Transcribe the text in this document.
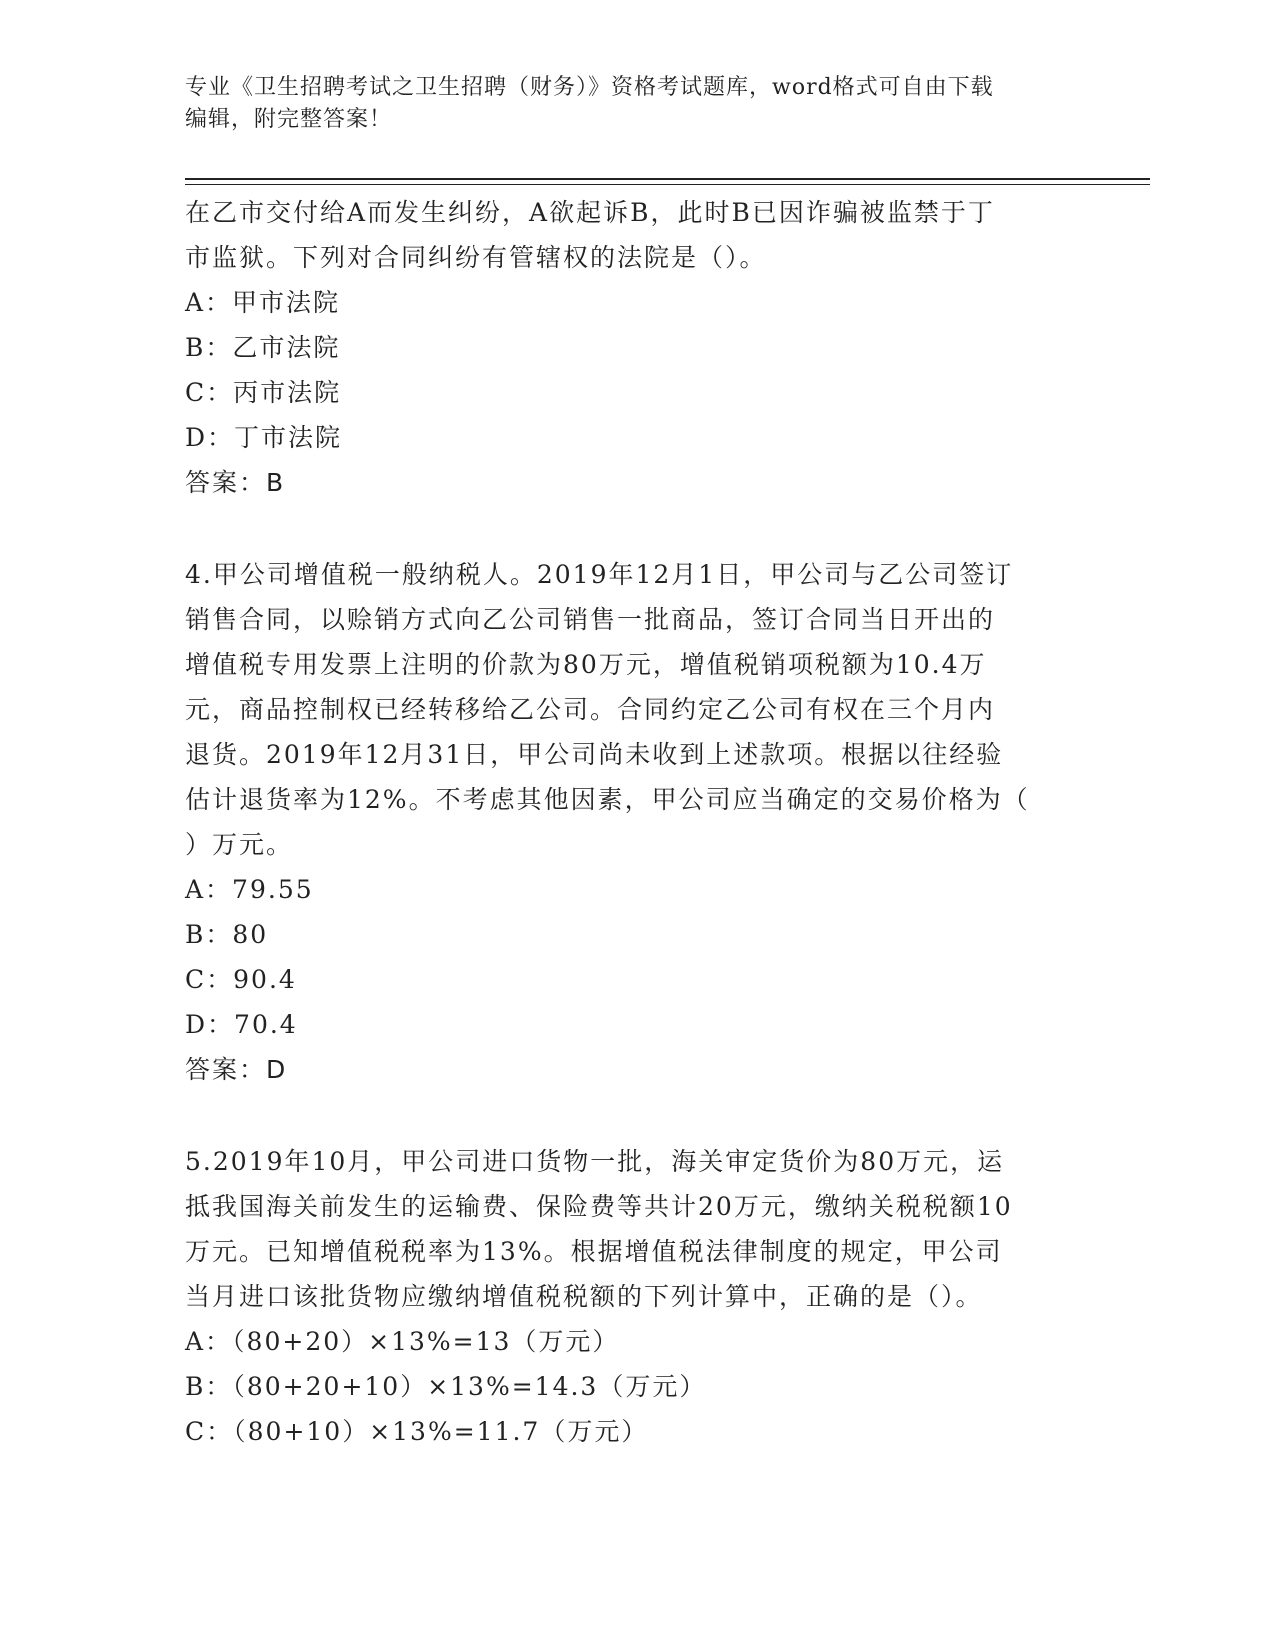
专业《卫生招聘考试之卫生招聘（财务）》资格考试题库，word格式可自由下载
编辑，附完整答案！
在乙市交付给A而发生纠纷，A欲起诉B，此时B已因诈骗被监禁于丁
市监狱。下列对合同纠纷有管辖权的法院是（）。
A：甲市法院
B：乙市法院
C：丙市法院
D：丁市法院
答案：B
4.甲公司增值税一般纳税人。2019年12月1日，甲公司与乙公司签订
销售合同，以赊销方式向乙公司销售一批商品，签订合同当日开出的
增值税专用发票上注明的价款为80万元，增值税销项税额为10.4万
元，商品控制权已经转移给乙公司。合同约定乙公司有权在三个月内
退货。2019年12月31日，甲公司尚未收到上述款项。根据以往经验
估计退货率为12%。不考虑其他因素，甲公司应当确定的交易价格为（
）万元。
A：79.55
B：80
C：90.4
D：70.4
答案：D
5.2019年10月，甲公司进口货物一批，海关审定货价为80万元，运
抵我国海关前发生的运输费、保险费等共计20万元，缴纳关税税额10
万元。已知增值税税率为13%。根据增值税法律制度的规定，甲公司
当月进口该批货物应缴纳增值税税额的下列计算中，正确的是（）。
A：（80+20）×13%=13（万元）
B：（80+20+10）×13%=14.3（万元）
C：（80+10）×13%=11.7（万元）
